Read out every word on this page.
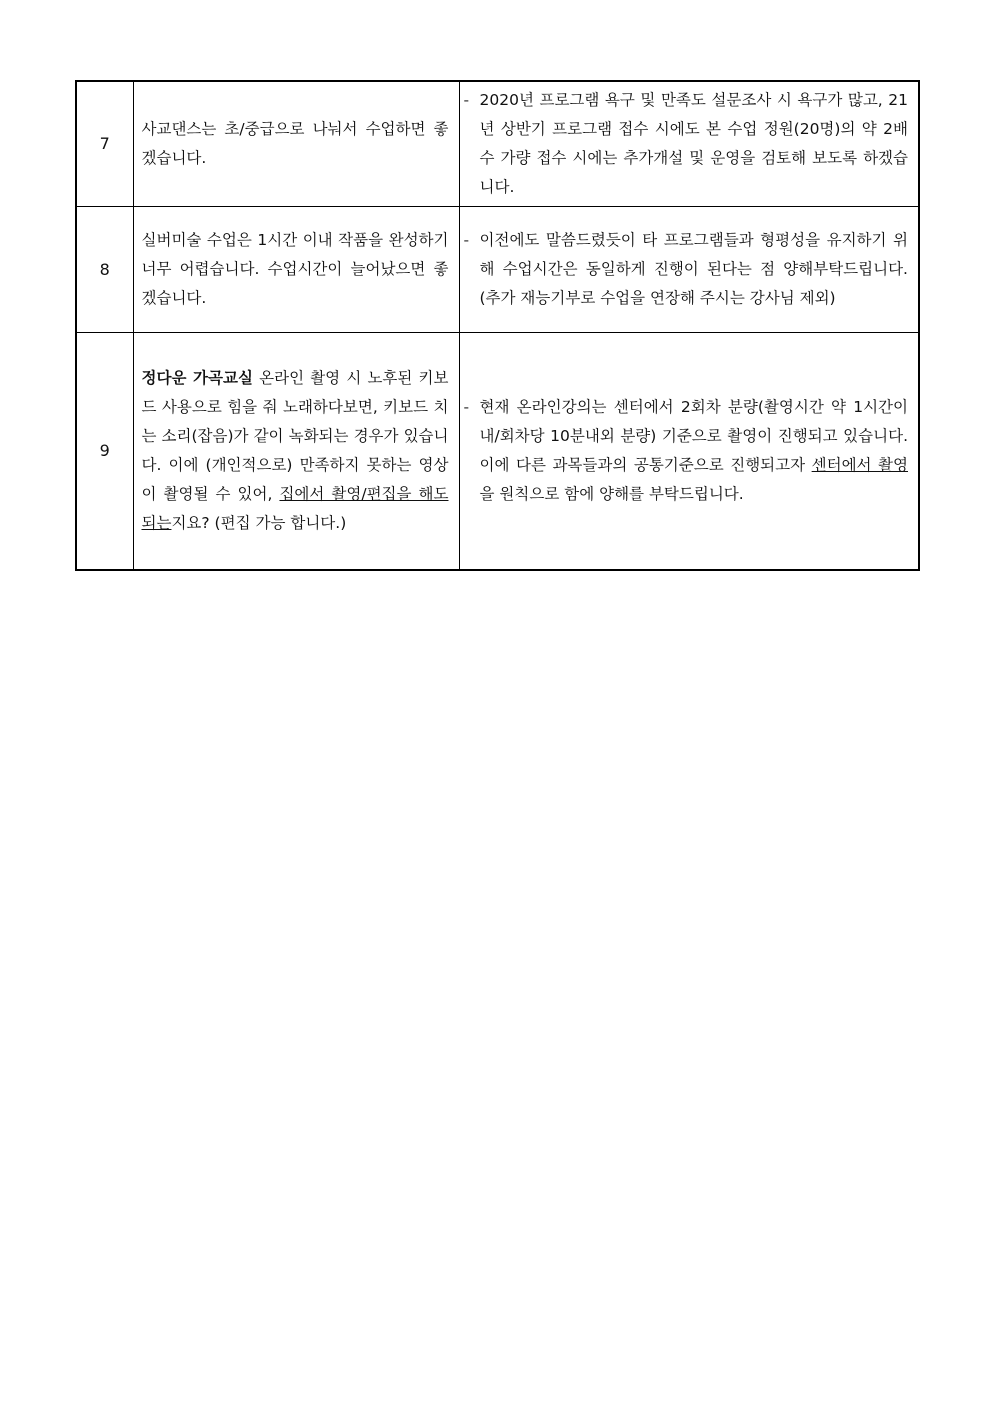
7	사교댄스는 초/중급으로 나눠서 수업하면 좋겠습니다.	- 2020년 프로그램 욕구 및 만족도 설문조사 시 욕구가 많고, 21년 상반기 프로그램 접수 시에도 본 수업 정원(20명)의 약 2배수 가량 접수 시에는 추가개설 및 운영을 검토해 보도록 하겠습니다.

8	실버미술 수업은 1시간 이내 작품을 완성하기 너무 어렵습니다. 수업시간이 늘어났으면 좋겠습니다.	- 이전에도 말씀드렸듯이 타 프로그램들과 형평성을 유지하기 위해 수업시간은 동일하게 진행이 된다는 점 양해부탁드립니다.(추가 재능기부로 수업을 연장해 주시는 강사님 제외)

9	정다운 가곡교실 온라인 촬영 시 노후된 키보드 사용으로 힘을 줘 노래하다보면, 키보드 치는 소리(잡음)가 같이 녹화되는 경우가 있습니다. 이에 (개인적으로) 만족하지 못하는 영상이 촬영될 수 있어, 집에서 촬영/편집을 해도 되는지요? (편집 가능 합니다.)	- 현재 온라인강의는 센터에서 2회차 분량(촬영시간 약 1시간이내/회차당 10분내외 분량) 기준으로 촬영이 진행되고 있습니다. 이에 다른 과목들과의 공통기준으로 진행되고자 센터에서 촬영을 원칙으로 함에 양해를 부탁드립니다.
